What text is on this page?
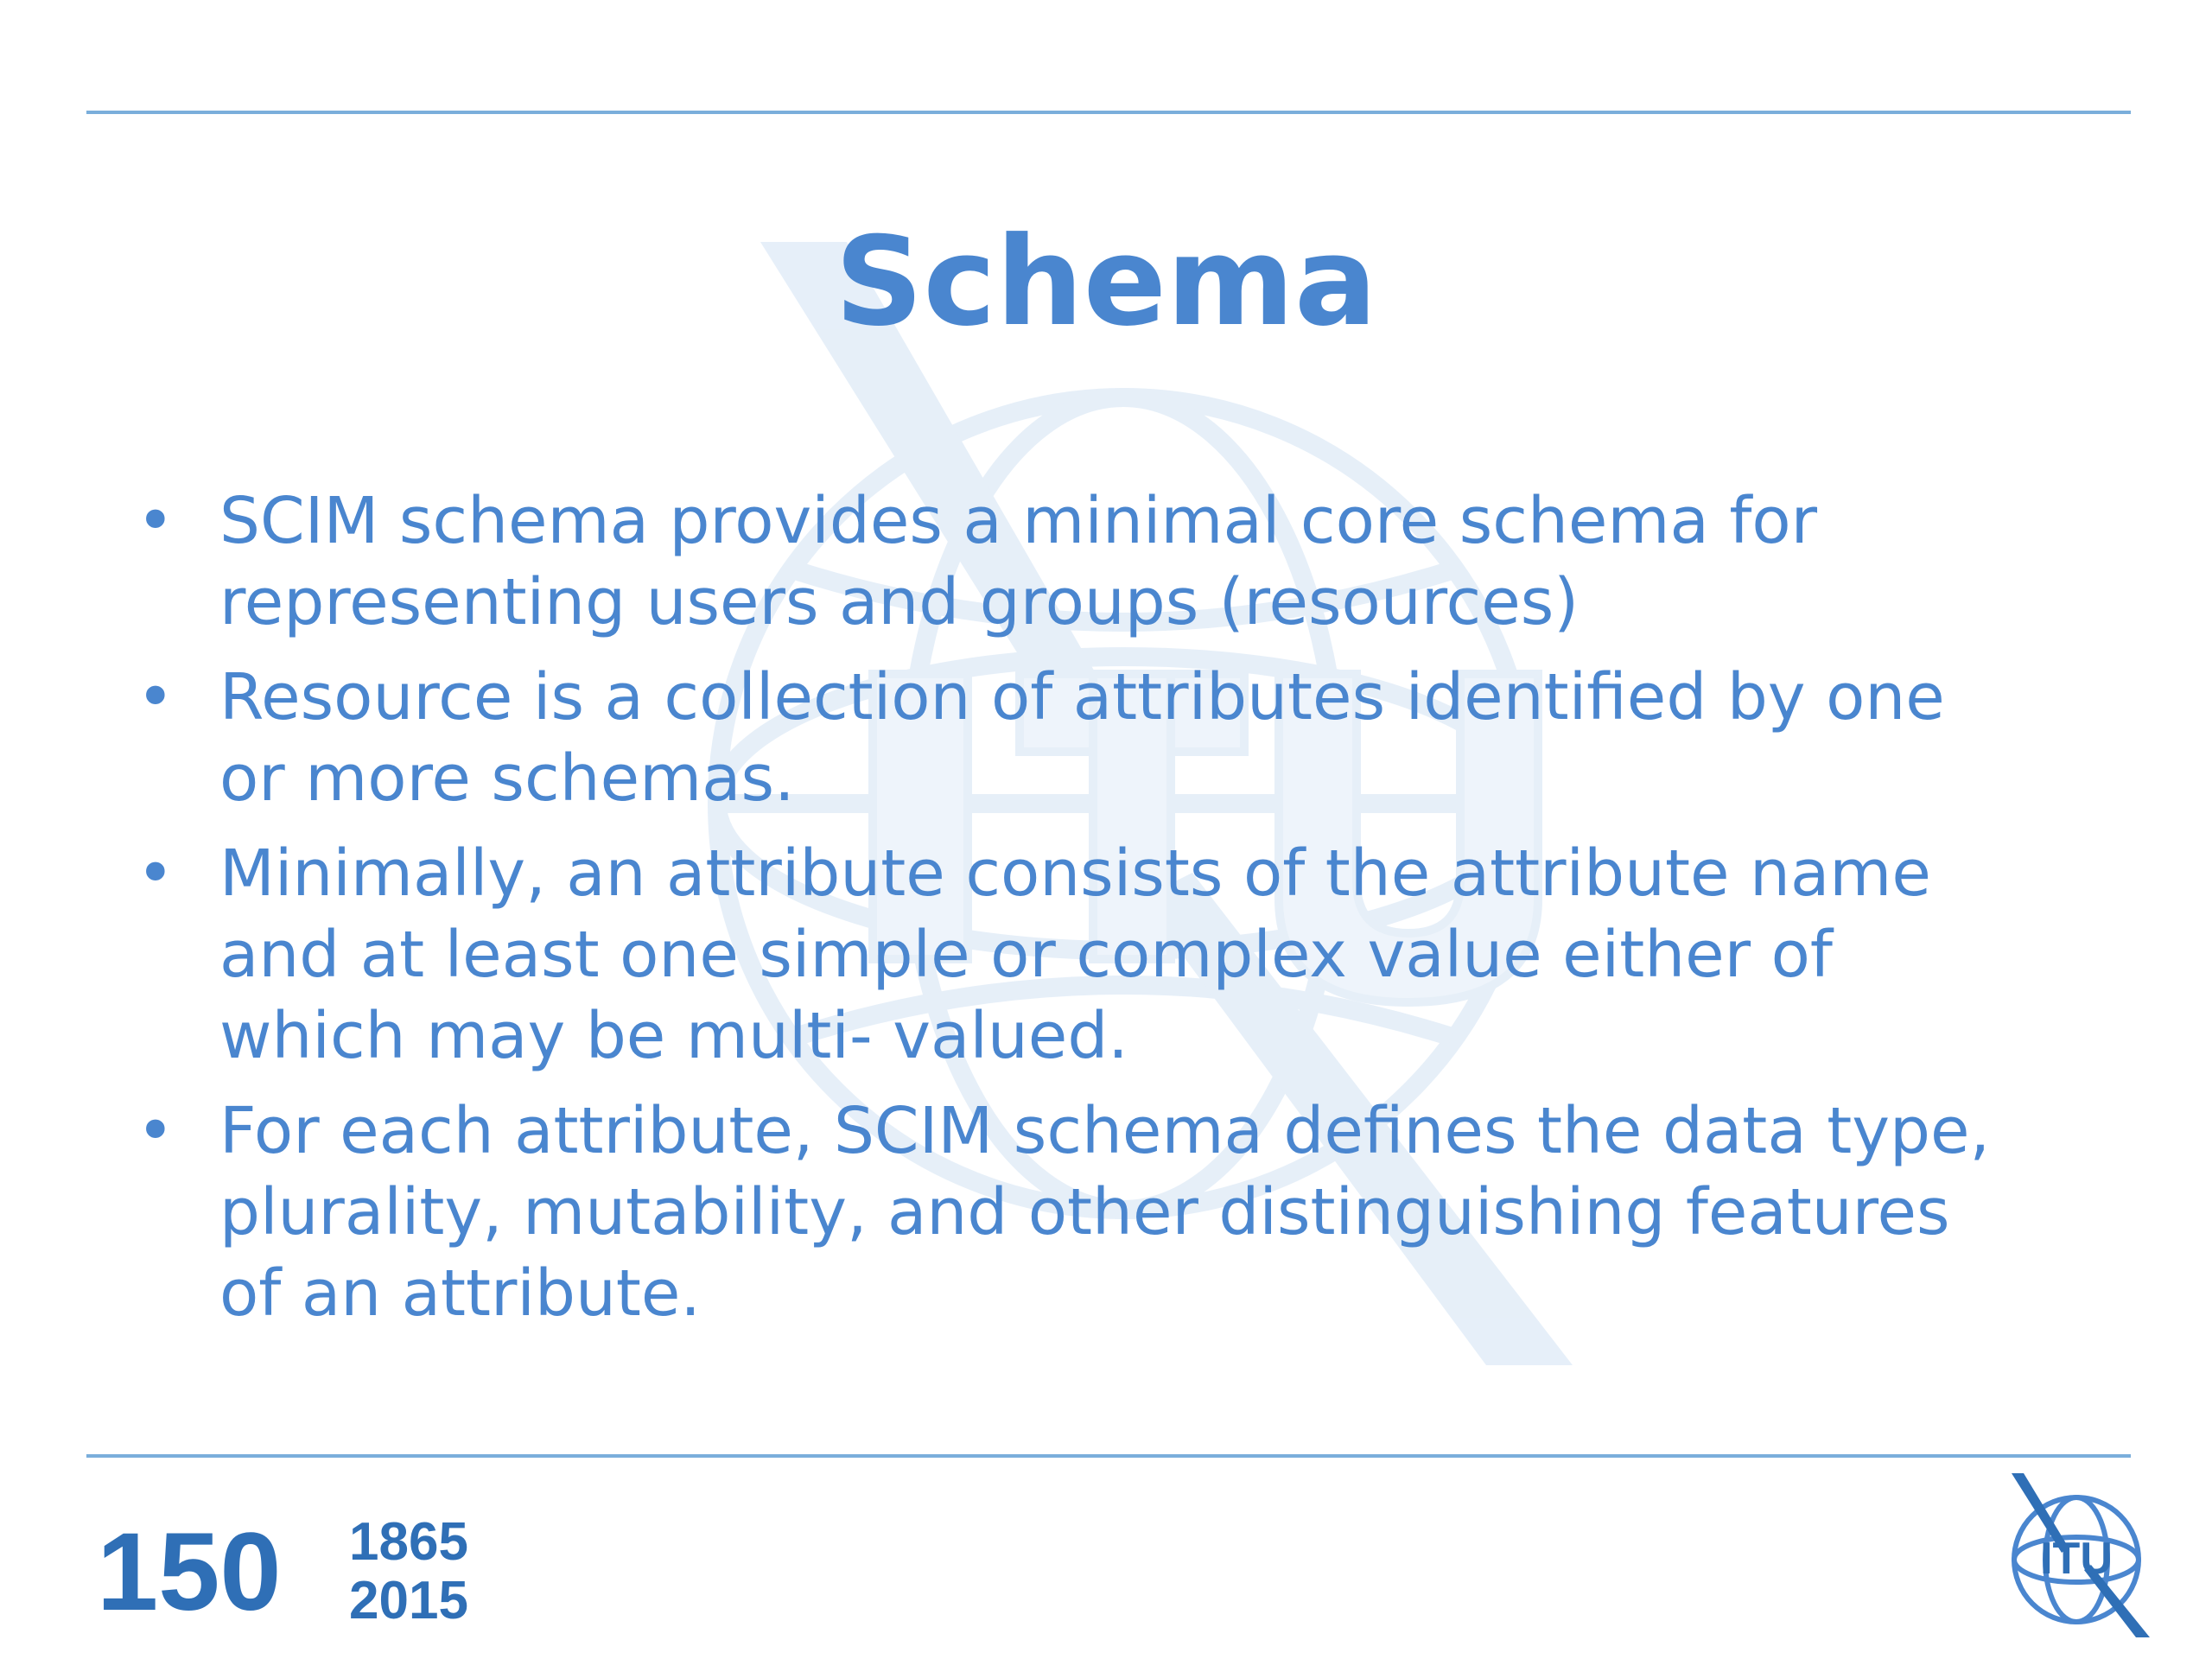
Schema
• SCIM schema provides a minimal core schema for
representing users and groups (resources)
• Resource is a collection of attributes identified by one
or more schemas.
• Minimally, an attribute consists of the attribute name
and at least one simple or complex value either of
which may be multi- valued.
• For each attribute, SCIM schema defines the data type,
plurality, mutability, and other distinguishing features
of an attribute.
150 1865
2015
ITU
